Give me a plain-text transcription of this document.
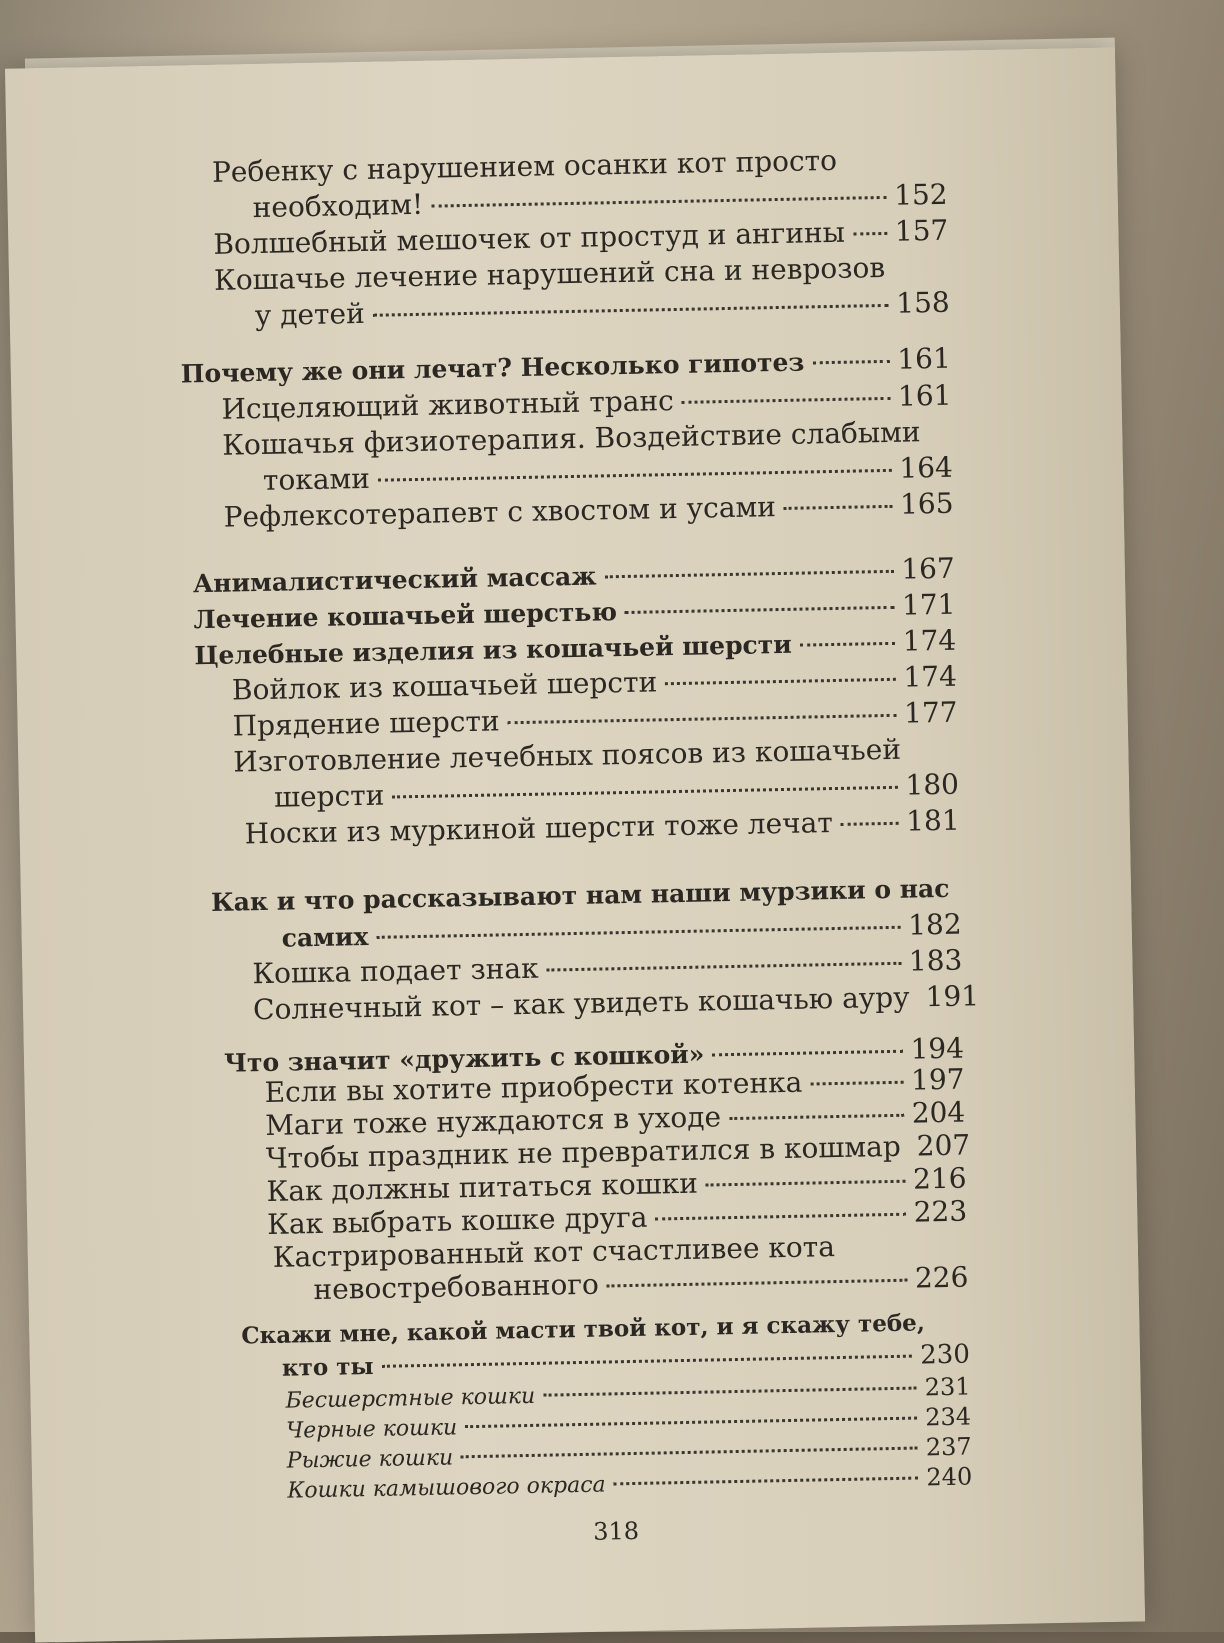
Ребенку с нарушением осанки кот просто
необходим!	152
Волшебный мешочек от простуд и ангины 157
Кошачье лечение нарушений сна и неврозов
у детей	158
Почему же они лечат? Несколько гипотез	161
Исцеляющий животный транс	161
Кошачья физиотерапия. Воздействие слабыми
токами	164
Рефлексотерапевт с хвостом и усами	165
Анималистический массаж	167
Лечение кошачьей шерстью	171
Целебные изделия из кошачьей шерсти	174
Войлок из кошачьей шерсти	174
Прядение шерсти	177
Изготовление лечебных поясов из кошачьей
шерсти	180
Носки из муркиной шерсти тоже лечат	181
Как и что рассказывают нам наши мурзики о нас
самих	182
Кошка подает знак	183
Солнечный кот – как увидеть кошачью ауру 191
Что значит «дружить с кошкой»	194
Если вы хотите приобрести котенка	197
Маги тоже нуждаются в уходе	204
Чтобы праздник не превратился в кошмар 207
Как должны питаться кошки	216
Как выбрать кошке друга	223
Кастрированный кот счастливее кота
невостребованного	226
Скажи мне, какой масти твой кот, и я скажу тебе,
кто ты	230
Бесшерстные кошки	231
Черные кошки	234
Рыжие кошки	237
Кошки камышового окраса	240
318
